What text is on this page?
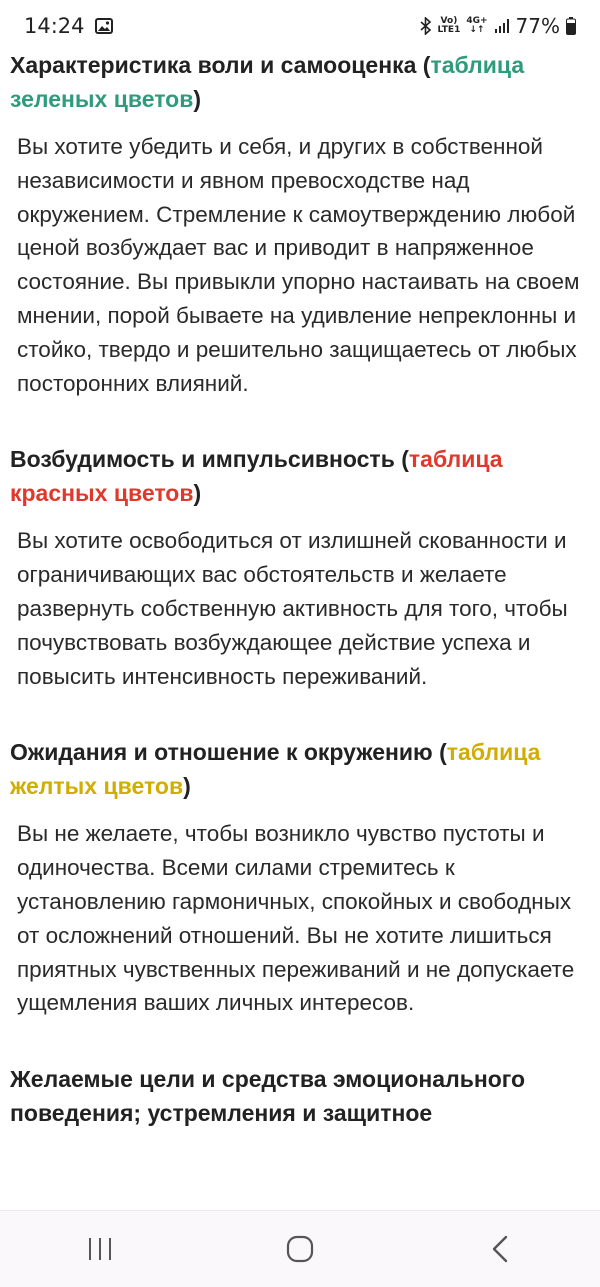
14:24	Vo)
LTE1
4G+
↓↑ 77%
Характеристика воли и самооценка (таблица зеленых цветов)

Вы хотите убедить и себя, и других в собственной независимости и явном превосходстве над окружением. Стремление к самоутверждению любой ценой возбуждает вас и приводит в напряженное состояние. Вы привыкли упорно настаивать на своем мнении, порой бываете на удивление непреклонны и стойко, твердо и решительно защищаетесь от любых посторонних влияний.

Возбудимость и импульсивность (таблица красных цветов)

Вы хотите освободиться от излишней скованности и ограничивающих вас обстоятельств и желаете развернуть собственную активность для того, чтобы почувствовать возбуждающее действие успеха и повысить интенсивность переживаний.

Ожидания и отношение к окружению (таблица желтых цветов)

Вы не желаете, чтобы возникло чувство пустоты и одиночества. Всеми силами стремитесь к установлению гармоничных, спокойных и свободных от осложнений отношений. Вы не хотите лишиться приятных чувственных переживаний и не допускаете ущемления ваших личных интересов.

Желаемые цели и средства эмоционального поведения; устремления и защитное
